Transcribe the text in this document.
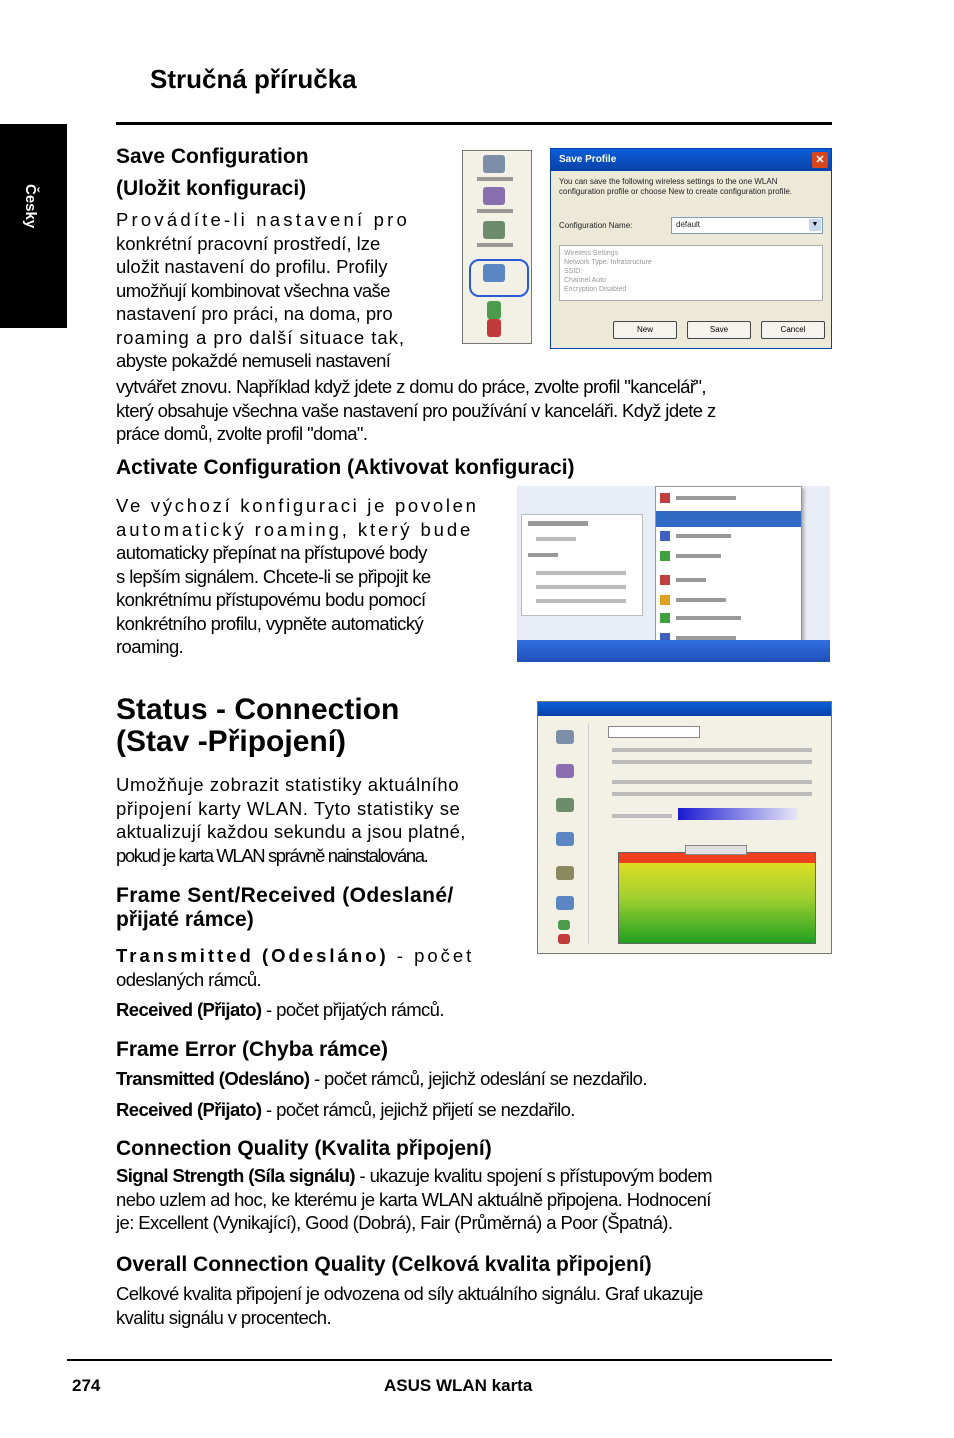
Stručná příručka
Česky
Save Configuration
(Uložit konfiguraci)

Provádíte-li nastavení pro

konkrétní pracovní prostředí, lze

uložit nastavení do profilu. Profily

umožňují kombinovat všechna vaše

nastavení pro práci, na doma, pro

roaming a pro další situace tak,

abyste pokaždé nemuseli nastavení

vytvářet znovu. Například když jdete z domu do práce, zvolte profil "kancelář",

který obsahuje všechna vaše nastavení pro používání v kanceláři. Když jdete z

práce domů, zvolte profil "doma".

Save Profile	✕
You can save the following wireless settings to the one WLAN configuration profile or choose New to create configuration profile.
Configuration Name:	default	▼
Wireless Settings
Network Type: Infrastructure
SSID:
Channel Auto
Encryption Disabled
New	Save	Cancel
Activate Configuration (Aktivovat konfiguraci)

Ve výchozí konfiguraci je povolen

automatický roaming, který bude

automaticky přepínat na přístupové body

s lepším signálem. Chcete-li se připojit ke

konkrétnímu přístupovému bodu pomocí

konkrétního profilu, vypněte automatický

roaming.

Status - Connection
(Stav -Připojení)

Umožňuje zobrazit statistiky aktuálního

připojení karty WLAN. Tyto statistiky se

aktualizují každou sekundu a jsou platné,

pokud je karta WLAN správně nainstalována.

Frame Sent/Received (Odeslané/
přijaté rámce)

Transmitted (Odesláno) - počet

odeslaných rámců.

Received (Přijato) - počet přijatých rámců.

Frame Error (Chyba rámce)

Transmitted (Odesláno) - počet rámců, jejichž odeslání se nezdařilo.

Received (Přijato) - počet rámců, jejichž přijetí se nezdařilo.

Connection Quality (Kvalita připojení)

Signal Strength (Síla signálu) - ukazuje kvalitu spojení s přístupovým bodem

nebo uzlem ad hoc, ke kterému je karta WLAN aktuálně připojena. Hodnocení

je: Excellent (Vynikající), Good (Dobrá), Fair (Průměrná) a Poor (Špatná).

Overall Connection Quality (Celková kvalita připojení)

Celkové kvalita připojení je odvozena od síly aktuálního signálu. Graf ukazuje

kvalitu signálu v procentech.

274	ASUS WLAN karta
